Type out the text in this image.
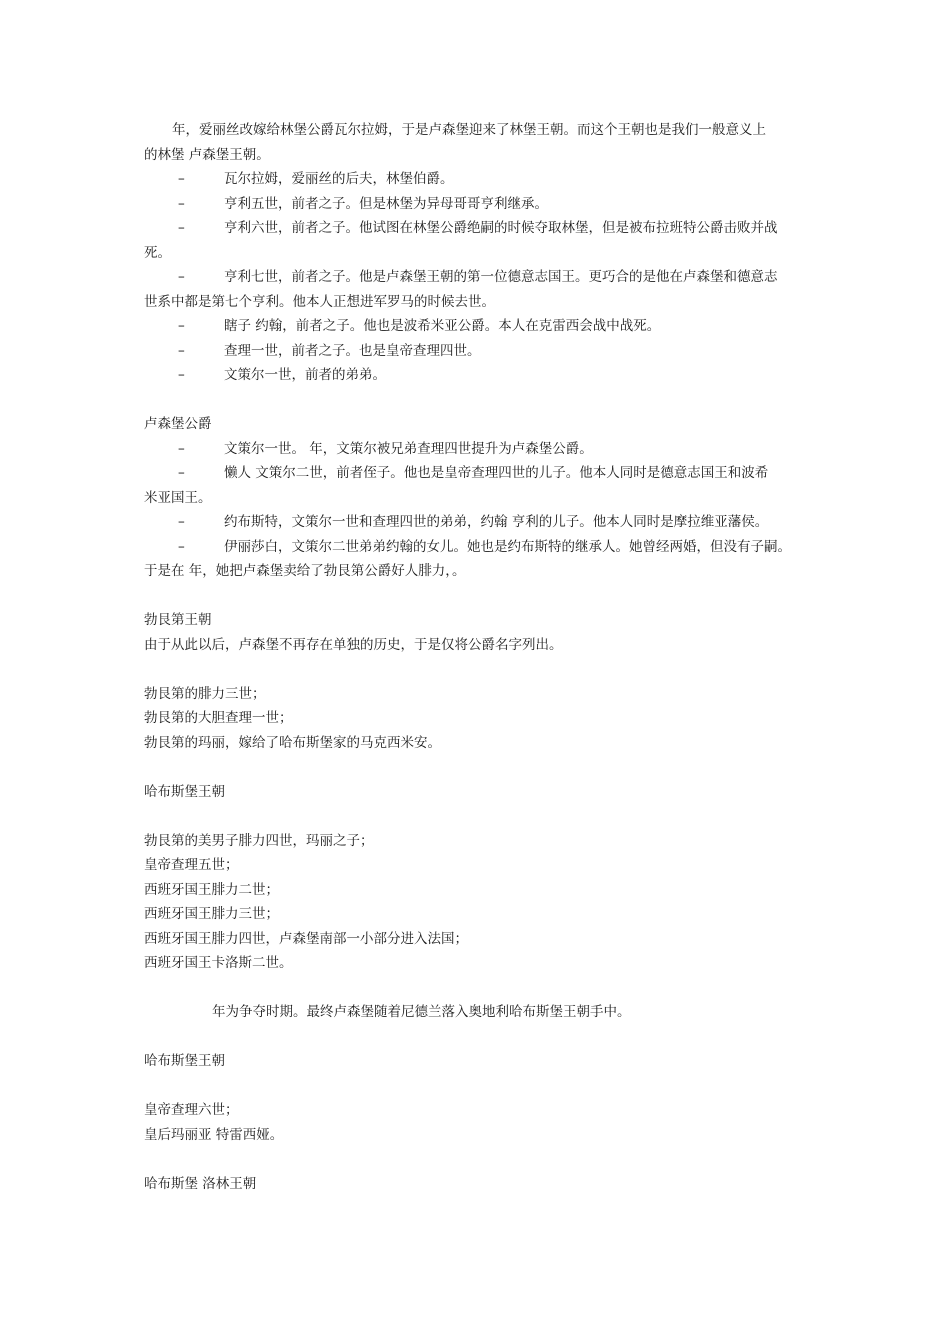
年，爱丽丝改嫁给林堡公爵瓦尔拉姆，于是卢森堡迎来了林堡王朝。而这个王朝也是我们一般意义上
的林堡 卢森堡王朝。
–	瓦尔拉姆，爱丽丝的后夫，林堡伯爵。
–	亨利五世，前者之子。但是林堡为异母哥哥亨利继承。
–	亨利六世，前者之子。他试图在林堡公爵绝嗣的时候夺取林堡，但是被布拉班特公爵击败并战
死。
–	亨利七世，前者之子。他是卢森堡王朝的第一位德意志国王。更巧合的是他在卢森堡和德意志
世系中都是第七个亨利。他本人正想进军罗马的时候去世。
–	瞎子 约翰，前者之子。他也是波希米亚公爵。本人在克雷西会战中战死。
–	查理一世，前者之子。也是皇帝查理四世。
–	文策尔一世，前者的弟弟。
卢森堡公爵
–	文策尔一世。 年，文策尔被兄弟查理四世提升为卢森堡公爵。
–	懒人 文策尔二世，前者侄子。他也是皇帝查理四世的儿子。他本人同时是德意志国王和波希
米亚国王。
–	约布斯特，文策尔一世和查理四世的弟弟，约翰 亨利的儿子。他本人同时是摩拉维亚藩侯。
–	伊丽莎白，文策尔二世弟弟约翰的女儿。她也是约布斯特的继承人。她曾经两婚，但没有子嗣。
于是在 年，她把卢森堡卖给了勃艮第公爵好人腓力，。
勃艮第王朝
由于从此以后，卢森堡不再存在单独的历史，于是仅将公爵名字列出。
勃艮第的腓力三世；
勃艮第的大胆查理一世；
勃艮第的玛丽，嫁给了哈布斯堡家的马克西米安。
哈布斯堡王朝
勃艮第的美男子腓力四世，玛丽之子；
皇帝查理五世；
西班牙国王腓力二世；
西班牙国王腓力三世；
西班牙国王腓力四世，卢森堡南部一小部分进入法国；
西班牙国王卡洛斯二世。
年为争夺时期。最终卢森堡随着尼德兰落入奥地利哈布斯堡王朝手中。
哈布斯堡王朝
皇帝查理六世；
皇后玛丽亚 特雷西娅。
哈布斯堡 洛林王朝
